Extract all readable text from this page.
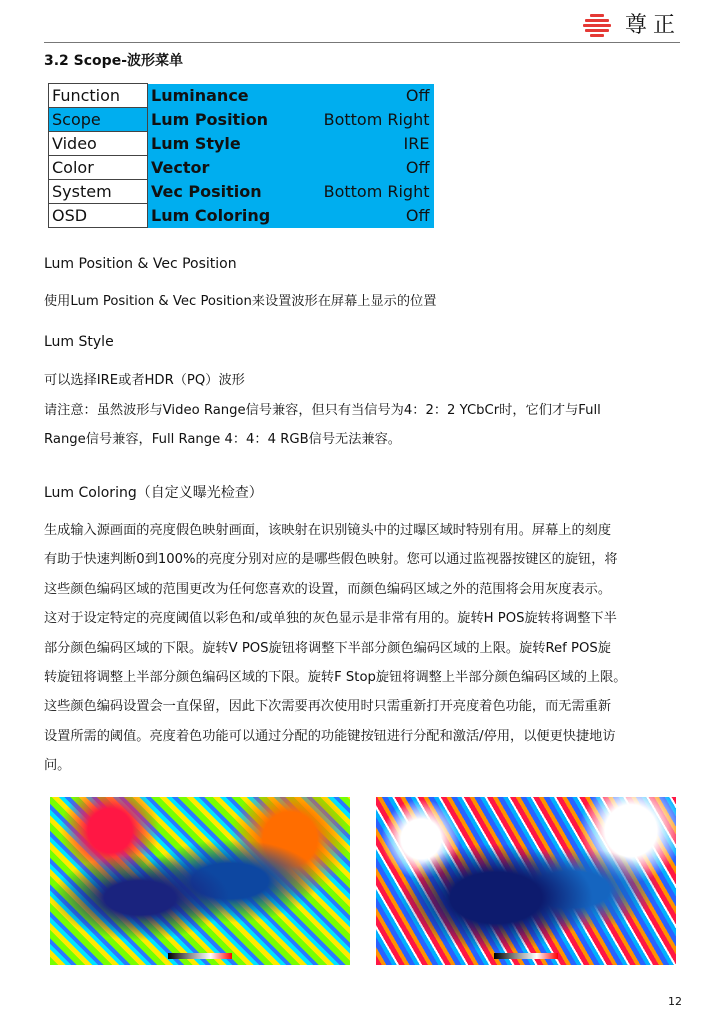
尊正
3.2 Scope-波形菜单
Function	Luminance	Off
Scope	Lum Position	Bottom Right
Video	Lum Style	IRE
Color	Vector	Off
System	Vec Position	Bottom Right
OSD	Lum Coloring	Off
Lum Position & Vec Position
使用Lum Position & Vec Position来设置波形在屏幕上显示的位置
Lum Style
可以选择IRE或者HDR（PQ）波形
请注意：虽然波形与Video Range信号兼容，但只有当信号为4：2：2 YCbCr时，它们才与Full
Range信号兼容，Full Range 4：4：4 RGB信号无法兼容。
Lum Coloring（自定义曝光检查）
生成输入源画面的亮度假色映射画面，该映射在识别镜头中的过曝区域时特别有用。屏幕上的刻度
有助于快速判断0到100%的亮度分别对应的是哪些假色映射。您可以通过监视器按键区的旋钮，将
这些颜色编码区域的范围更改为任何您喜欢的设置，而颜色编码区域之外的范围将会用灰度表示。
这对于设定特定的亮度阈值以彩色和/或单独的灰色显示是非常有用的。旋转H POS旋转将调整下半
部分颜色编码区域的下限。旋转V POS旋钮将调整下半部分颜色编码区域的上限。旋转Ref POS旋
转旋钮将调整上半部分颜色编码区域的下限。旋转F Stop旋钮将调整上半部分颜色编码区域的上限。
这些颜色编码设置会一直保留，因此下次需要再次使用时只需重新打开亮度着色功能，而无需重新
设置所需的阈值。亮度着色功能可以通过分配的功能键按钮进行分配和激活/停用，以便更快捷地访
问。
12
